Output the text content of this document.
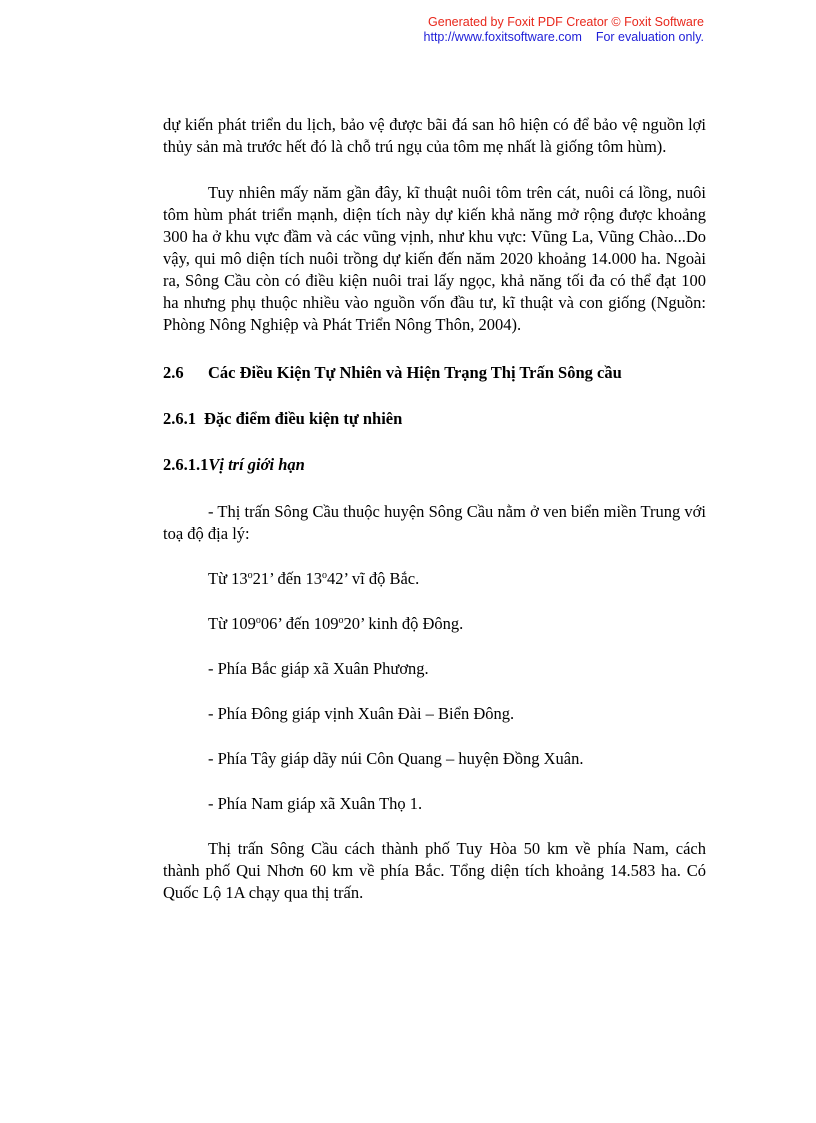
Generated by Foxit PDF Creator © Foxit Software
http://www.foxitsoftware.com For evaluation only.

dự kiến phát triển du lịch, bảo vệ được bãi đá san hô hiện có để bảo vệ nguồn lợi thủy sản mà trước hết đó là chỗ trú ngụ của tôm mẹ nhất là giống tôm hùm).

Tuy nhiên mấy năm gần đây, kĩ thuật nuôi tôm trên cát, nuôi cá lồng, nuôi tôm hùm phát triển mạnh, diện tích này dự kiến khả năng mở rộng được khoảng 300 ha ở khu vực đầm và các vũng vịnh, như khu vực: Vũng La, Vũng Chào...Do vậy, qui mô diện tích nuôi trồng dự kiến đến năm 2020 khoảng 14.000 ha. Ngoài ra, Sông Cầu còn có điều kiện nuôi trai lấy ngọc, khả năng tối đa có thể đạt 100 ha nhưng phụ thuộc nhiều vào nguồn vốn đầu tư, kĩ thuật và con giống (Nguồn: Phòng Nông Nghiệp và Phát Triển Nông Thôn, 2004).

2.6	Các Điều Kiện Tự Nhiên và Hiện Trạng Thị Trấn Sông cầu
2.6.1 Đặc điểm điều kiện tự nhiên
2.6.1.1 Vị trí giới hạn

- Thị trấn Sông Cầu thuộc huyện Sông Cầu nằm ở ven biển miền Trung với toạ độ địa lý:

Từ 13$^o$21’ đến 13$^o$42’ vĩ độ Bắc.

Từ 109$^o$06’ đến 109$^o$20’ kinh độ Đông.

- Phía Bắc giáp xã Xuân Phương.

- Phía Đông giáp vịnh Xuân Đài – Biển Đông.

- Phía Tây giáp dãy núi Côn Quang – huyện Đồng Xuân.

- Phía Nam giáp xã Xuân Thọ 1.

Thị trấn Sông Cầu cách thành phố Tuy Hòa 50 km về phía Nam, cách thành phố Qui Nhơn 60 km về phía Bắc. Tổng diện tích khoảng 14.583 ha. Có Quốc Lộ 1A chạy qua thị trấn.
